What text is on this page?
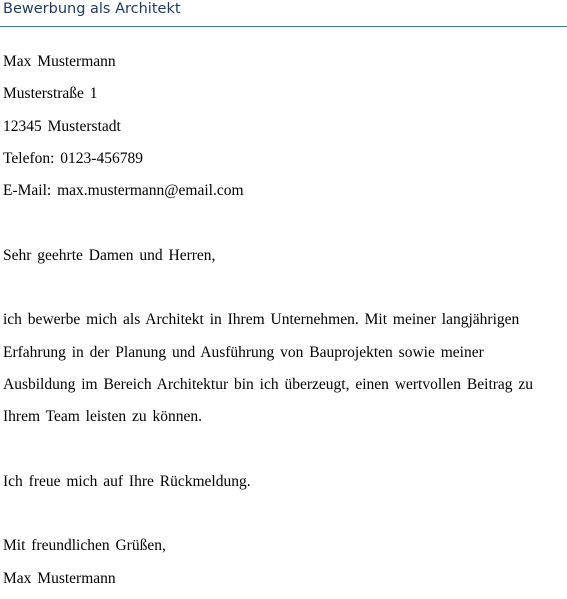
Bewerbung als Architekt
Max Mustermann
Musterstraße 1
12345 Musterstadt
Telefon: 0123-456789
E-Mail: max.mustermann@email.com
Sehr geehrte Damen und Herren,
ich bewerbe mich als Architekt in Ihrem Unternehmen. Mit meiner langjährigen
Erfahrung in der Planung und Ausführung von Bauprojekten sowie meiner
Ausbildung im Bereich Architektur bin ich überzeugt, einen wertvollen Beitrag zu
Ihrem Team leisten zu können.
Ich freue mich auf Ihre Rückmeldung.
Mit freundlichen Grüßen,
Max Mustermann
